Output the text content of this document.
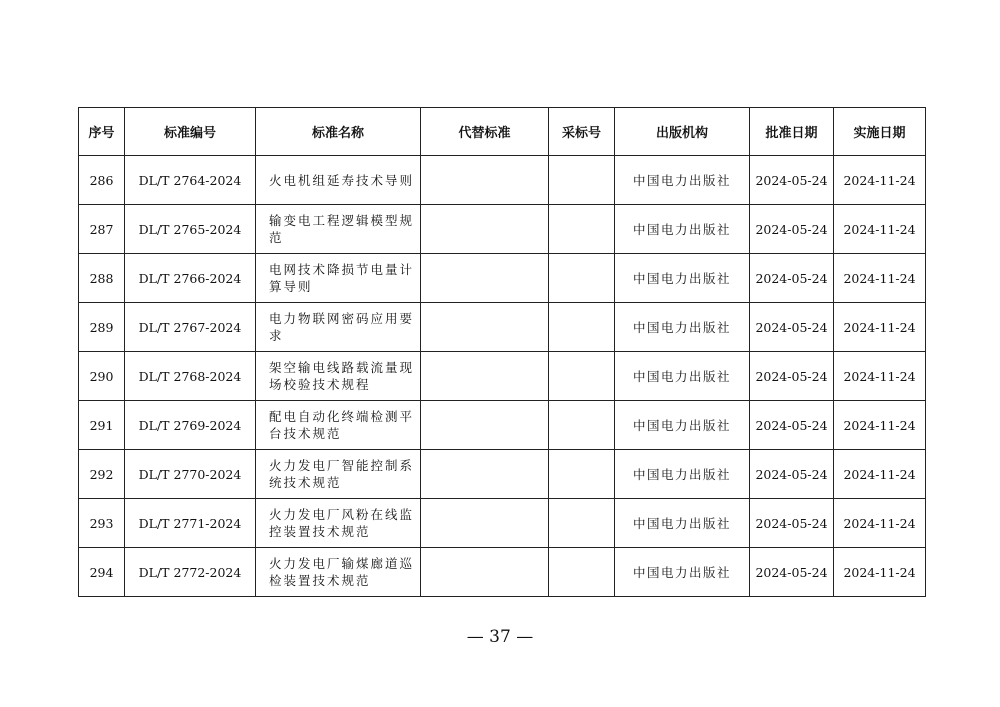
序号	标准编号	标准名称	代替标准	采标号	出版机构	批准日期	实施日期
286	DL/T 2764-2024	火电机组延寿技术导则			中国电力出版社	2024-05-24	2024-11-24
287	DL/T 2765-2024	输变电工程逻辑模型规范			中国电力出版社	2024-05-24	2024-11-24
288	DL/T 2766-2024	电网技术降损节电量计算导则			中国电力出版社	2024-05-24	2024-11-24
289	DL/T 2767-2024	电力物联网密码应用要求			中国电力出版社	2024-05-24	2024-11-24
290	DL/T 2768-2024	架空输电线路载流量现场校验技术规程			中国电力出版社	2024-05-24	2024-11-24
291	DL/T 2769-2024	配电自动化终端检测平台技术规范			中国电力出版社	2024-05-24	2024-11-24
292	DL/T 2770-2024	火力发电厂智能控制系统技术规范			中国电力出版社	2024-05-24	2024-11-24
293	DL/T 2771-2024	火力发电厂风粉在线监控装置技术规范			中国电力出版社	2024-05-24	2024-11-24
294	DL/T 2772-2024	火力发电厂输煤廊道巡检装置技术规范			中国电力出版社	2024-05-24	2024-11-24
— 37 —
